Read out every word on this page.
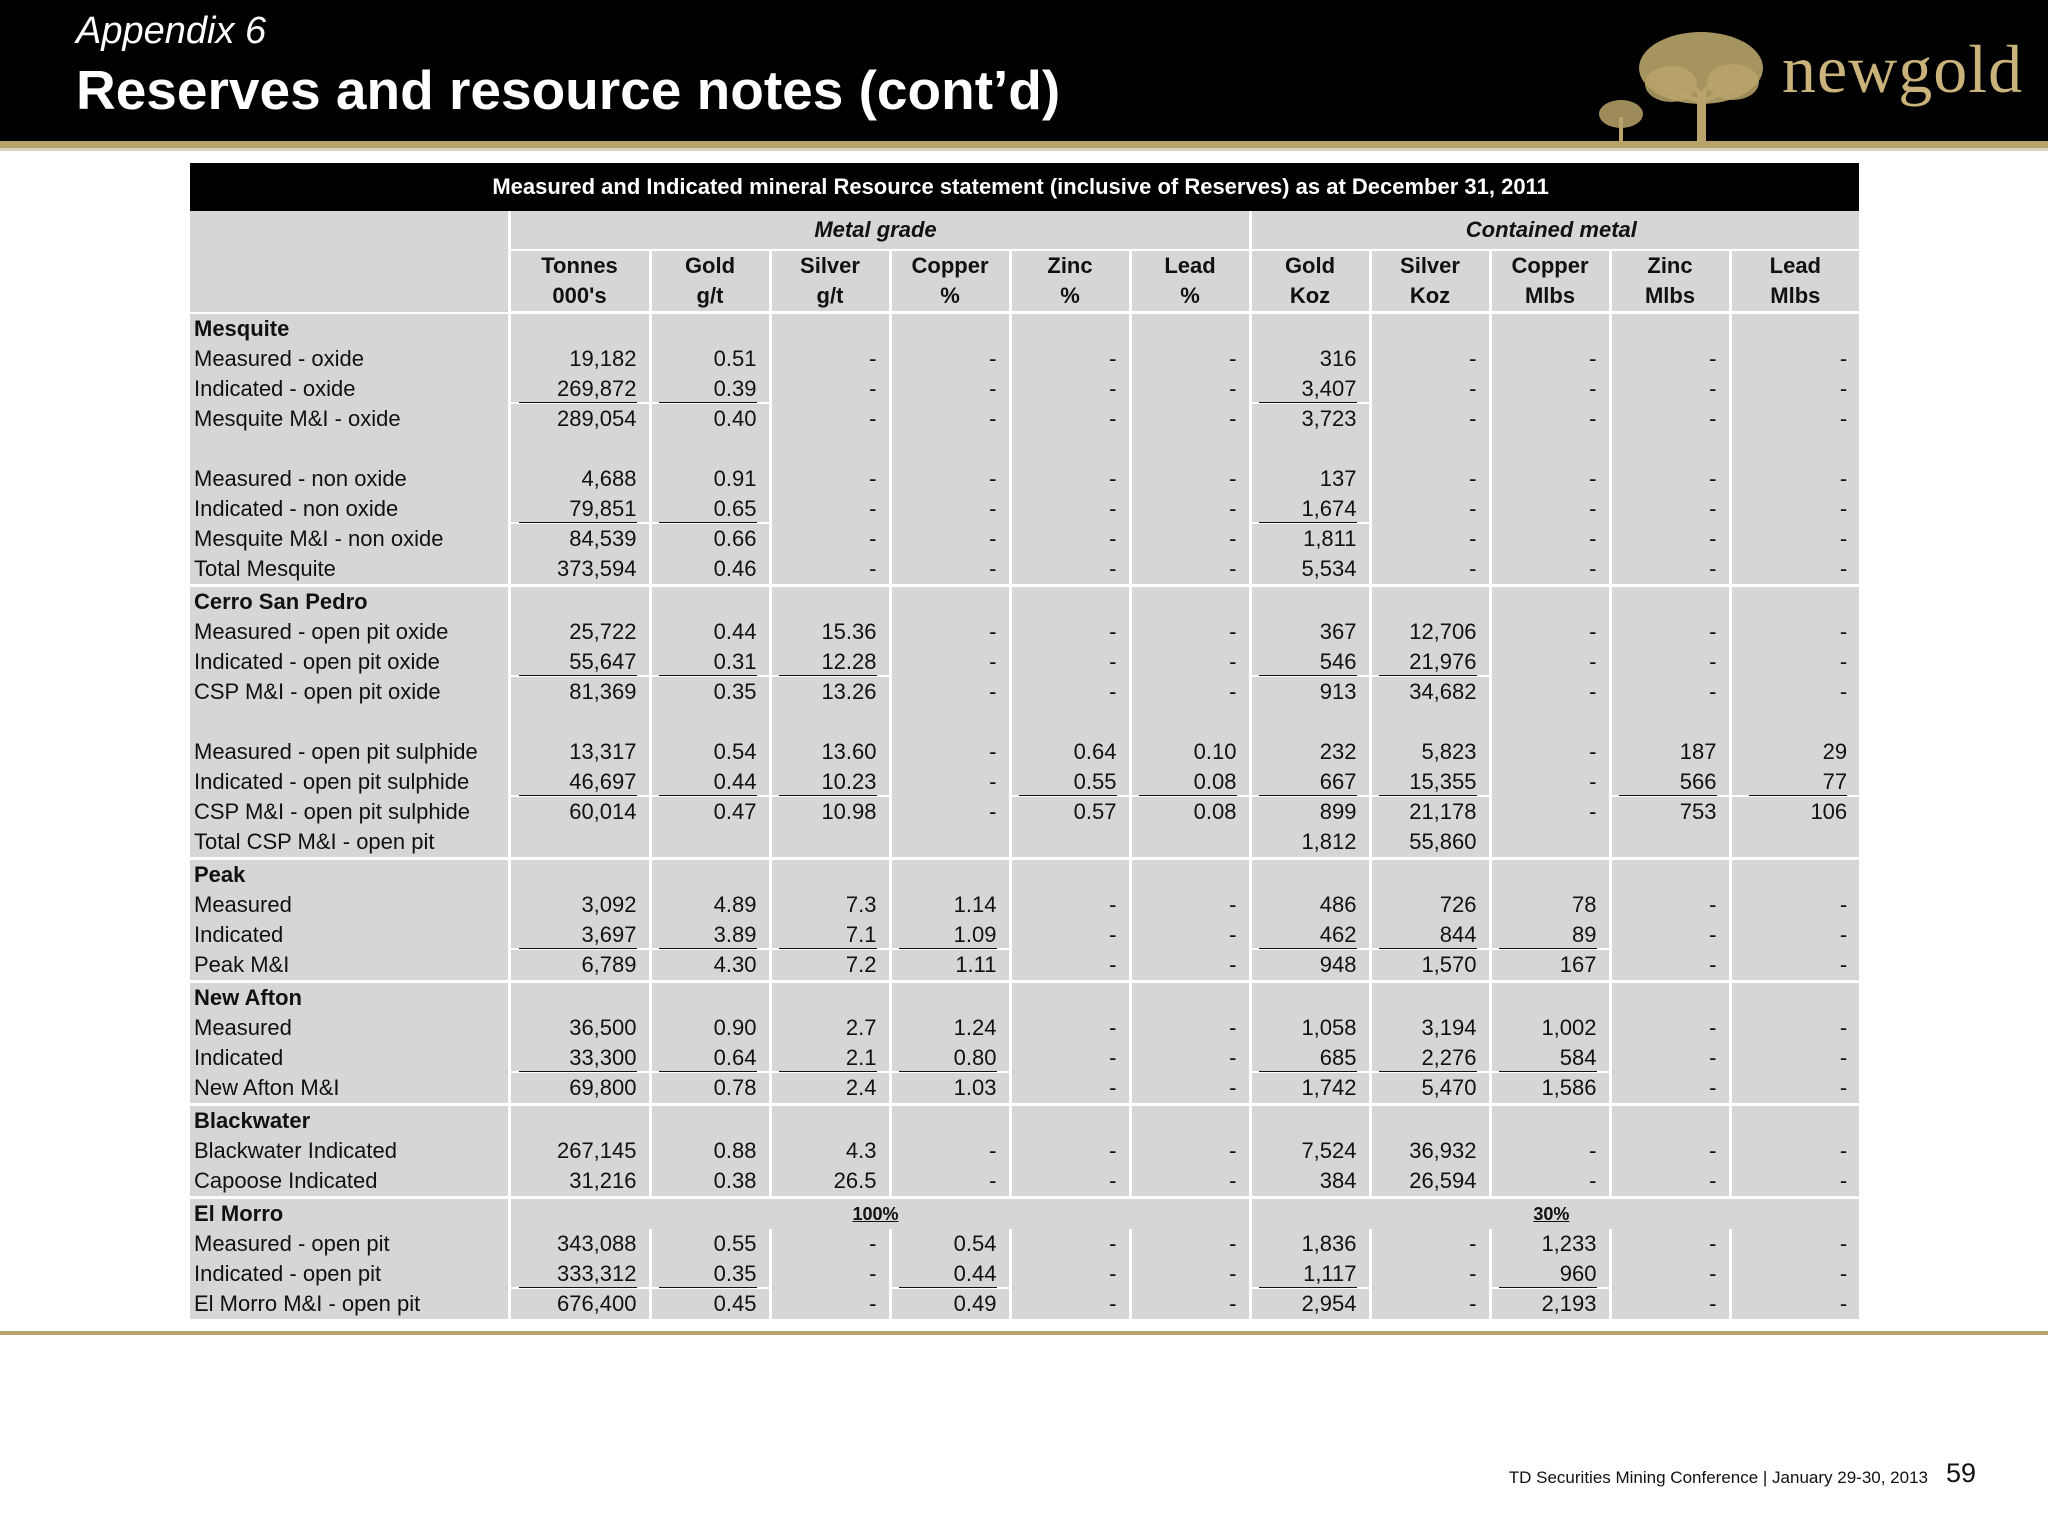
Appendix 6
Reserves and resource notes (cont’d)	newgold
Measured and Indicated mineral Resource statement (inclusive of Reserves) as at December 31, 2011											
	Metal grade						Contained metal				
	Tonnes	Gold	Silver	Copper	Zinc	Lead	Gold	Silver	Copper	Zinc	Lead
	000's	g/t	g/t	%	%	%	Koz	Koz	Mlbs	Mlbs	Mlbs
Mesquite											
Measured - oxide	19,182	0.51	-	-	-	-	316	-	-	-	-
Indicated - oxide	269,872	0.39	-	-	-	-	3,407	-	-	-	-
Mesquite M&I - oxide	289,054	0.40	-	-	-	-	3,723	-	-	-	-

Measured - non oxide	4,688	0.91	-	-	-	-	137	-	-	-	-
Indicated - non oxide	79,851	0.65	-	-	-	-	1,674	-	-	-	-
Mesquite M&I - non oxide	84,539	0.66	-	-	-	-	1,811	-	-	-	-
Total Mesquite	373,594	0.46	-	-	-	-	5,534	-	-	-	-
Cerro San Pedro											
Measured - open pit oxide	25,722	0.44	15.36	-	-	-	367	12,706	-	-	-
Indicated - open pit oxide	55,647	0.31	12.28	-	-	-	546	21,976	-	-	-
CSP M&I - open pit oxide	81,369	0.35	13.26	-	-	-	913	34,682	-	-	-

Measured - open pit sulphide	13,317	0.54	13.60	-	0.64	0.10	232	5,823	-	187	29
Indicated - open pit sulphide	46,697	0.44	10.23	-	0.55	0.08	667	15,355	-	566	77
CSP M&I - open pit sulphide	60,014	0.47	10.98	-	0.57	0.08	899	21,178	-	753	106
Total CSP M&I - open pit							1,812	55,860			
Peak											
Measured	3,092	4.89	7.3	1.14	-	-	486	726	78	-	-
Indicated	3,697	3.89	7.1	1.09	-	-	462	844	89	-	-
Peak M&I	6,789	4.30	7.2	1.11	-	-	948	1,570	167	-	-
New Afton											
Measured	36,500	0.90	2.7	1.24	-	-	1,058	3,194	1,002	-	-
Indicated	33,300	0.64	2.1	0.80	-	-	685	2,276	584	-	-
New Afton M&I	69,800	0.78	2.4	1.03	-	-	1,742	5,470	1,586	-	-
Blackwater											
Blackwater Indicated	267,145	0.88	4.3	-	-	-	7,524	36,932	-	-	-
Capoose Indicated	31,216	0.38	26.5	-	-	-	384	26,594	-	-	-
El Morro	100%						30%				
Measured - open pit	343,088	0.55	-	0.54	-	-	1,836	-	1,233	-	-
Indicated - open pit	333,312	0.35	-	0.44	-	-	1,117	-	960	-	-
El Morro M&I - open pit	676,400	0.45	-	0.49	-	-	2,954	-	2,193	-	-
TD Securities Mining Conference | January 29-30, 2013 59
